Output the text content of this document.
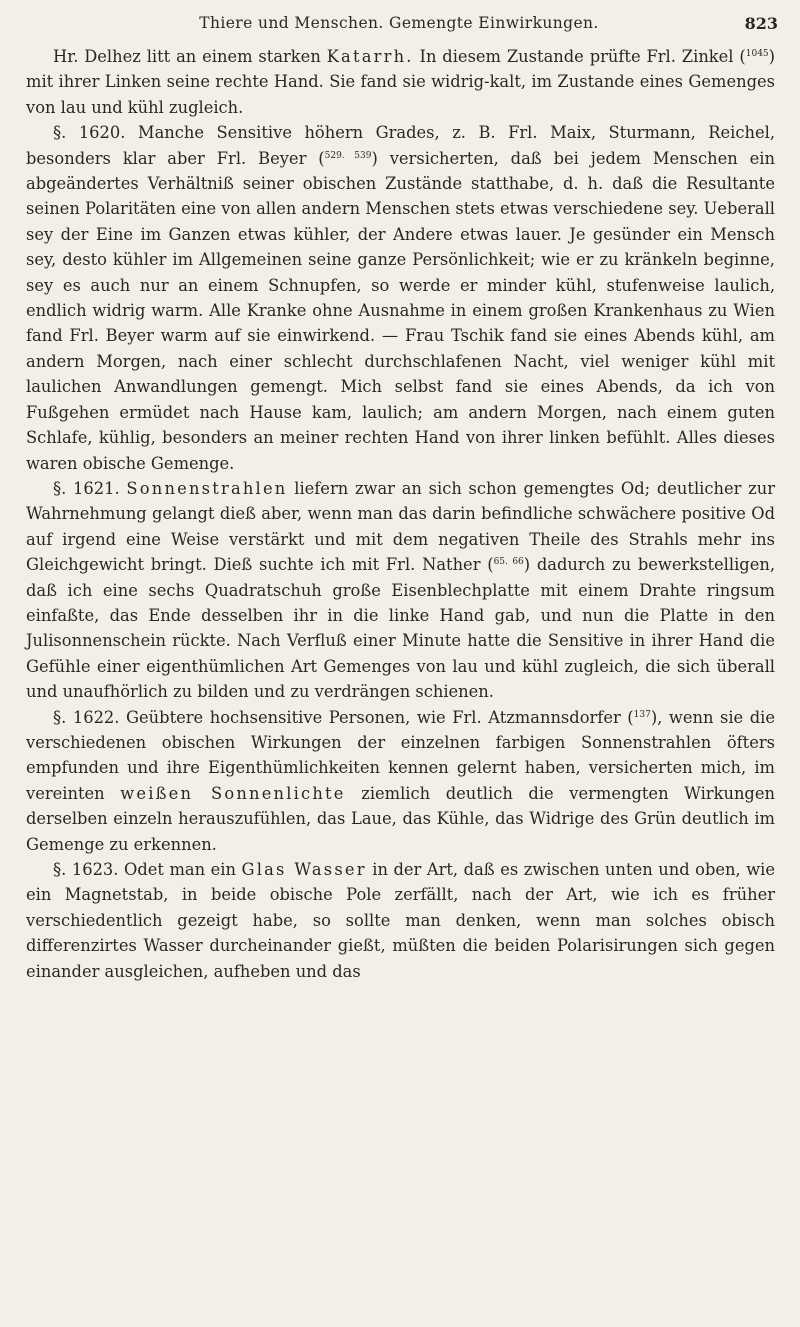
Thiere und Menschen. Gemengte Einwirkungen.	823

Hr. Delhez litt an einem starken Katarrh. In diesem Zustande prüfte Frl. Zinkel ($^{1045}$) mit ihrer Linken seine rechte Hand. Sie fand sie widrig-kalt, im Zustande eines Gemenges von lau und kühl zugleich.

§. 1620. Manche Sensitive höhern Grades, z. B. Frl. Maix, Sturmann, Reichel, besonders klar aber Frl. Beyer ($^{529. 539}$) versicherten, daß bei jedem Menschen ein abgeändertes Verhältniß seiner obischen Zustände statthabe, d. h. daß die Resultante seinen Polaritäten eine von allen andern Menschen stets etwas verschiedene sey. Ueberall sey der Eine im Ganzen etwas kühler, der Andere etwas lauer. Je gesünder ein Mensch sey, desto kühler im Allgemeinen seine ganze Persönlichkeit; wie er zu kränkeln beginne, sey es auch nur an einem Schnupfen, so werde er minder kühl, stufenweise laulich, endlich widrig warm. Alle Kranke ohne Ausnahme in einem großen Krankenhaus zu Wien fand Frl. Beyer warm auf sie einwirkend. — Frau Tschik fand sie eines Abends kühl, am andern Morgen, nach einer schlecht durchschlafenen Nacht, viel weniger kühl mit laulichen Anwandlungen gemengt. Mich selbst fand sie eines Abends, da ich von Fußgehen ermüdet nach Hause kam, laulich; am andern Morgen, nach einem guten Schlafe, kühlig, besonders an meiner rechten Hand von ihrer linken befühlt. Alles dieses waren obische Gemenge.

§. 1621. Sonnenstrahlen liefern zwar an sich schon gemengtes Od; deutlicher zur Wahrnehmung gelangt dieß aber, wenn man das darin befindliche schwächere positive Od auf irgend eine Weise verstärkt und mit dem negativen Theile des Strahls mehr ins Gleichgewicht bringt. Dieß suchte ich mit Frl. Nather ($^{65. 66}$) dadurch zu bewerkstelligen, daß ich eine sechs Quadratschuh große Eisenblechplatte mit einem Drahte ringsum einfaßte, das Ende desselben ihr in die linke Hand gab, und nun die Platte in den Julisonnenschein rückte. Nach Verfluß einer Minute hatte die Sensitive in ihrer Hand die Gefühle einer eigenthümlichen Art Gemenges von lau und kühl zugleich, die sich überall und unaufhörlich zu bilden und zu verdrängen schienen.

§. 1622. Geübtere hochsensitive Personen, wie Frl. Atzmannsdorfer ($^{137}$), wenn sie die verschiedenen obischen Wirkungen der einzelnen farbigen Sonnenstrahlen öfters empfunden und ihre Eigenthümlichkeiten kennen gelernt haben, versicherten mich, im vereinten weißen Sonnenlichte ziemlich deutlich die vermengten Wirkungen derselben einzeln herauszufühlen, das Laue, das Kühle, das Widrige des Grün deutlich im Gemenge zu erkennen.

§. 1623. Odet man ein Glas Wasser in der Art, daß es zwischen unten und oben, wie ein Magnetstab, in beide obische Pole zerfällt, nach der Art, wie ich es früher verschiedentlich gezeigt habe, so sollte man denken, wenn man solches obisch differenzirtes Wasser durcheinander gießt, müßten die beiden Polarisirungen sich gegen einander ausgleichen, aufheben und das
